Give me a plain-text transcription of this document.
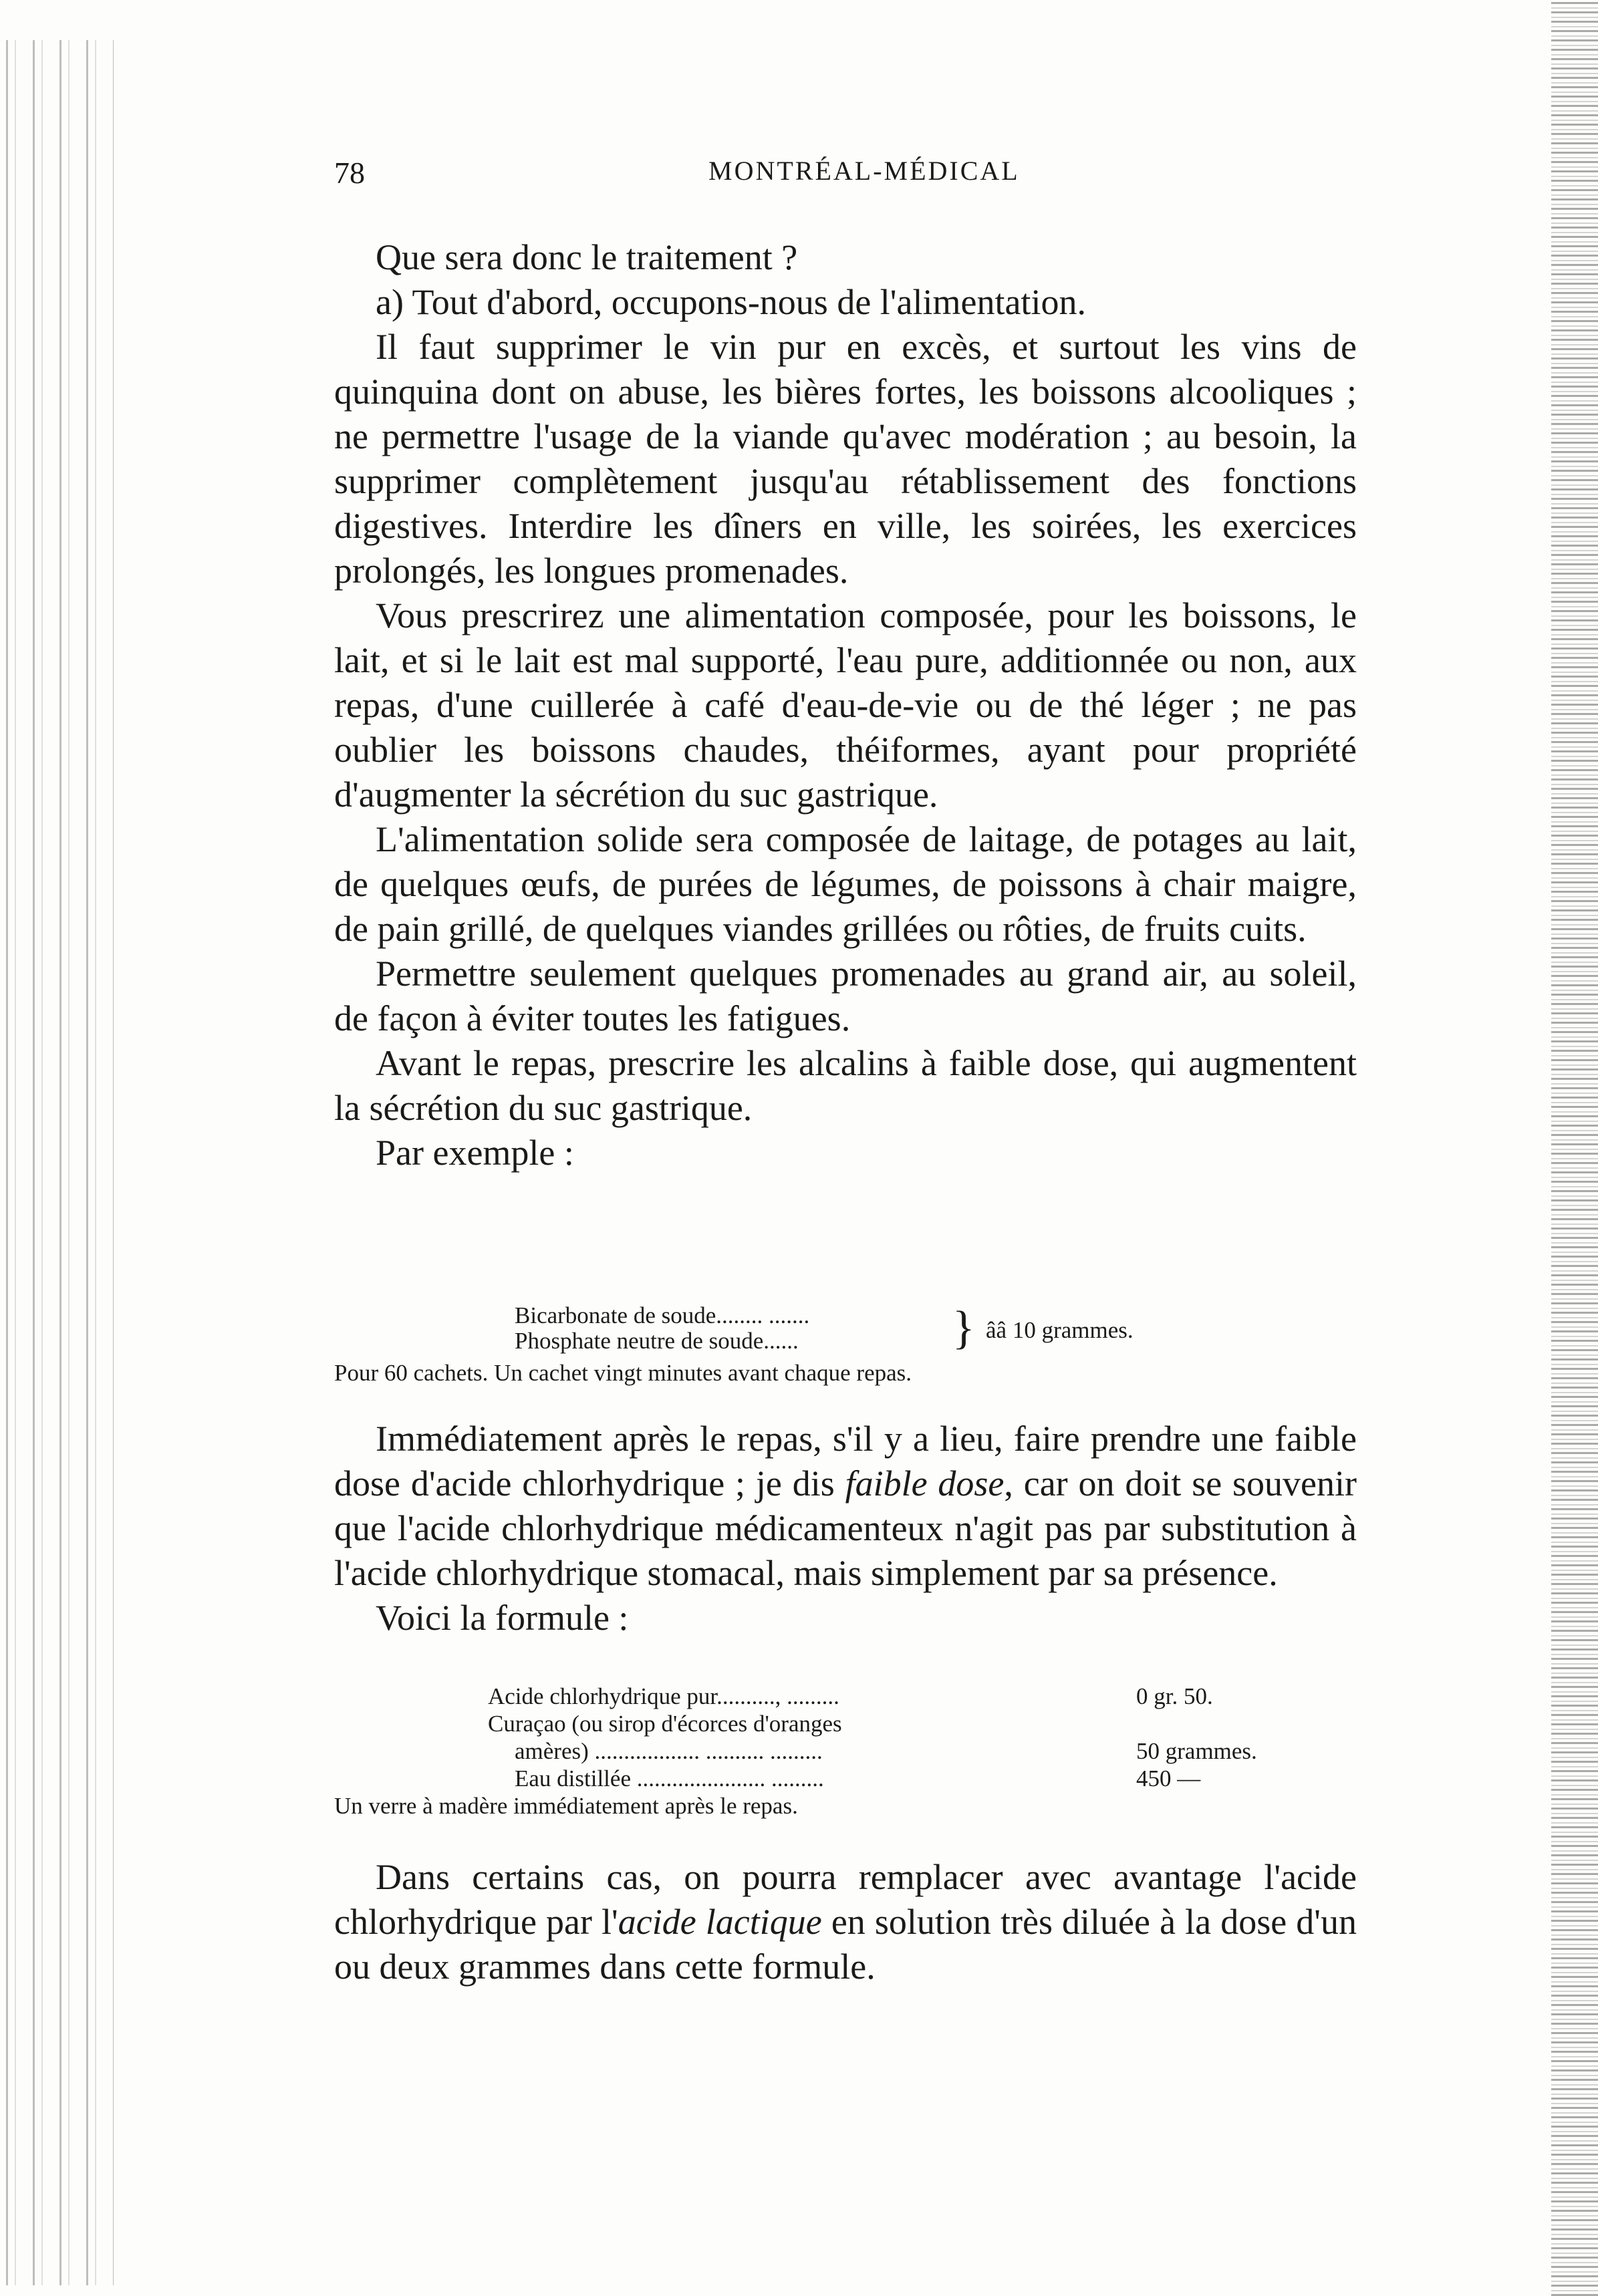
78	MONTRÉAL-MÉDICAL

Que sera donc le traitement ?

a) Tout d'abord, occupons-nous de l'alimentation.

Il faut supprimer le vin pur en excès, et surtout les vins de quinquina dont on abuse, les bières fortes, les boissons alcooliques ; ne permettre l'usage de la viande qu'avec modération ; au besoin, la supprimer complètement jusqu'au rétablissement des fonctions digestives. Interdire les dîners en ville, les soirées, les exercices prolongés, les longues promenades.

Vous prescrirez une alimentation composée, pour les boissons, le lait, et si le lait est mal supporté, l'eau pure, additionnée ou non, aux repas, d'une cuillerée à café d'eau-de-vie ou de thé léger ; ne pas oublier les boissons chaudes, théiformes, ayant pour propriété d'augmenter la sécrétion du suc gastrique.

L'alimentation solide sera composée de laitage, de potages au lait, de quelques œufs, de purées de légumes, de poissons à chair maigre, de pain grillé, de quelques viandes grillées ou rôties, de fruits cuits.

Permettre seulement quelques promenades au grand air, au soleil, de façon à éviter toutes les fatigues.

Avant le repas, prescrire les alcalins à faible dose, qui augmentent la sécrétion du suc gastrique.

Par exemple :

Bicarbonate de soude........ .......
Phosphate neutre de soude......	} ââ 10 grammes.
Pour 60 cachets. Un cachet vingt minutes avant chaque repas.

Immédiatement après le repas, s'il y a lieu, faire prendre une faible dose d'acide chlorhydrique ; je dis faible dose, car on doit se souvenir que l'acide chlorhydrique médicamenteux n'agit pas par substitution à l'acide chlorhydrique stomacal, mais simplement par sa présence.

Voici la formule :

Acide chlorhydrique pur.........., .........	0 gr. 50.
Curaçao (ou sirop d'écorces d'oranges
amères) .................. .......... .........	50 grammes.
Eau distillée ...................... .........	450 —
Un verre à madère immédiatement après le repas.

Dans certains cas, on pourra remplacer avec avantage l'acide chlorhydrique par l'acide lactique en solution très diluée à la dose d'un ou deux grammes dans cette formule.
